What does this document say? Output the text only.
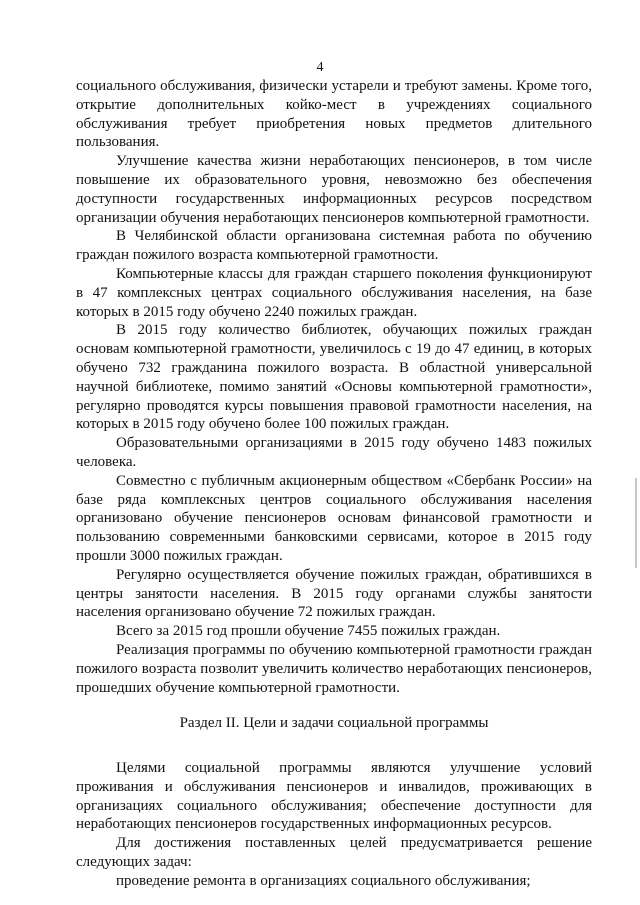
4

социального обслуживания, физически устарели и требуют замены. Кроме того, открытие дополнительных койко-мест в учреждениях социального обслуживания требует приобретения новых предметов длительного пользования.

Улучшение качества жизни неработающих пенсионеров, в том числе повышение их образовательного уровня, невозможно без обеспечения доступности государственных информационных ресурсов посредством организации обучения неработающих пенсионеров компьютерной грамотности.

В Челябинской области организована системная работа по обучению граждан пожилого возраста компьютерной грамотности.

Компьютерные классы для граждан старшего поколения функционируют в 47 комплексных центрах социального обслуживания населения, на базе которых в 2015 году обучено 2240 пожилых граждан.

В 2015 году количество библиотек, обучающих пожилых граждан основам компьютерной грамотности, увеличилось с 19 до 47 единиц, в которых обучено 732 гражданина пожилого возраста. В областной универсальной научной библиотеке, помимо занятий «Основы компьютерной грамотности», регулярно проводятся курсы повышения правовой грамотности населения, на которых в 2015 году обучено более 100 пожилых граждан.

Образовательными организациями в 2015 году обучено 1483 пожилых человека.

Совместно с публичным акционерным обществом «Сбербанк России» на базе ряда комплексных центров социального обслуживания населения организовано обучение пенсионеров основам финансовой грамотности и пользованию современными банковскими сервисами, которое в 2015 году прошли 3000 пожилых граждан.

Регулярно осуществляется обучение пожилых граждан, обратившихся в центры занятости населения. В 2015 году органами службы занятости населения организовано обучение 72 пожилых граждан.

Всего за 2015 год прошли обучение 7455 пожилых граждан.

Реализация программы по обучению компьютерной грамотности граждан пожилого возраста позволит увеличить количество неработающих пенсионеров, прошедших обучение компьютерной грамотности.

Раздел II. Цели и задачи социальной программы

Целями социальной программы являются улучшение условий проживания и обслуживания пенсионеров и инвалидов, проживающих в организациях социального обслуживания; обеспечение доступности для неработающих пенсионеров государственных информационных ресурсов.

Для достижения поставленных целей предусматривается решение следующих задач:

проведение ремонта в организациях социального обслуживания;
